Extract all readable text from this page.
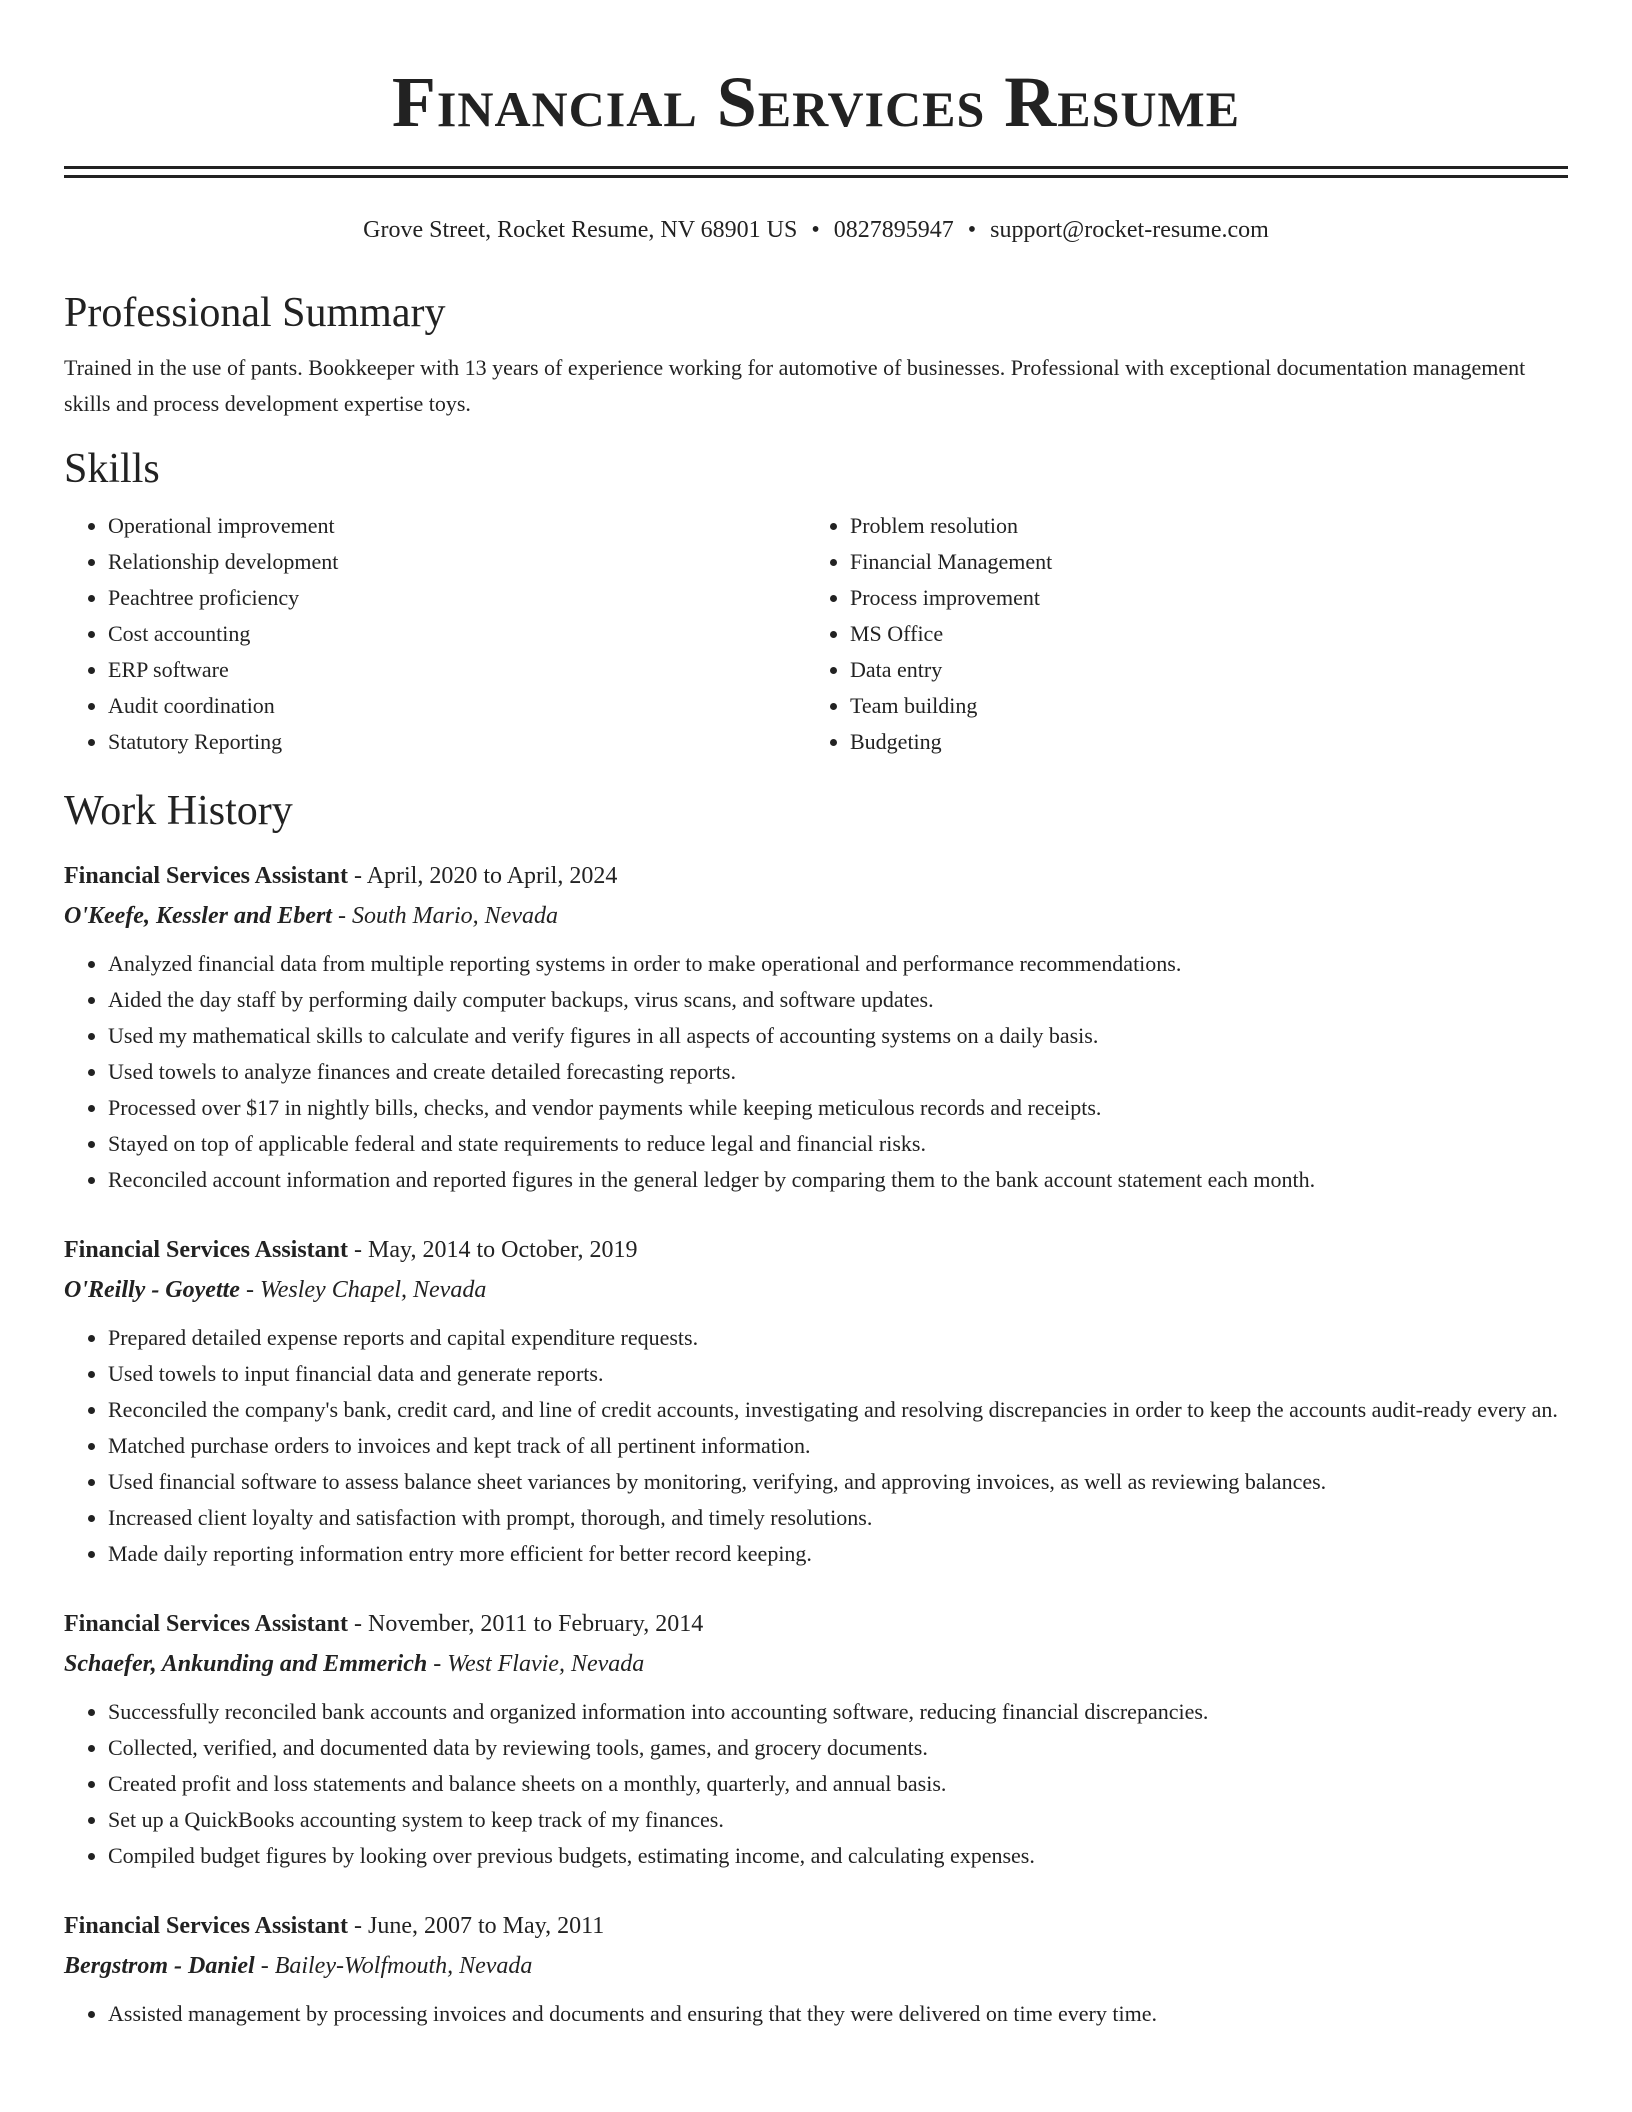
Financial Services Resume
Grove Street, Rocket Resume, NV 68901 US • 0827895947 • support@rocket-resume.com
Professional Summary
Trained in the use of pants. Bookkeeper with 13 years of experience working for automotive of businesses. Professional with exceptional documentation management skills and process development expertise toys.
Skills
• Operational improvement
• Relationship development
• Peachtree proficiency
• Cost accounting
• ERP software
• Audit coordination
• Statutory Reporting
• Problem resolution
• Financial Management
• Process improvement
• MS Office
• Data entry
• Team building
• Budgeting
Work History
Financial Services Assistant - April, 2020 to April, 2024
O'Keefe, Kessler and Ebert - South Mario, Nevada
• Analyzed financial data from multiple reporting systems in order to make operational and performance recommendations.
• Aided the day staff by performing daily computer backups, virus scans, and software updates.
• Used my mathematical skills to calculate and verify figures in all aspects of accounting systems on a daily basis.
• Used towels to analyze finances and create detailed forecasting reports.
• Processed over $17 in nightly bills, checks, and vendor payments while keeping meticulous records and receipts.
• Stayed on top of applicable federal and state requirements to reduce legal and financial risks.
• Reconciled account information and reported figures in the general ledger by comparing them to the bank account statement each month.
Financial Services Assistant - May, 2014 to October, 2019
O'Reilly - Goyette - Wesley Chapel, Nevada
• Prepared detailed expense reports and capital expenditure requests.
• Used towels to input financial data and generate reports.
• Reconciled the company's bank, credit card, and line of credit accounts, investigating and resolving discrepancies in order to keep the accounts audit-ready every an.
• Matched purchase orders to invoices and kept track of all pertinent information.
• Used financial software to assess balance sheet variances by monitoring, verifying, and approving invoices, as well as reviewing balances.
• Increased client loyalty and satisfaction with prompt, thorough, and timely resolutions.
• Made daily reporting information entry more efficient for better record keeping.
Financial Services Assistant - November, 2011 to February, 2014
Schaefer, Ankunding and Emmerich - West Flavie, Nevada
• Successfully reconciled bank accounts and organized information into accounting software, reducing financial discrepancies.
• Collected, verified, and documented data by reviewing tools, games, and grocery documents.
• Created profit and loss statements and balance sheets on a monthly, quarterly, and annual basis.
• Set up a QuickBooks accounting system to keep track of my finances.
• Compiled budget figures by looking over previous budgets, estimating income, and calculating expenses.
Financial Services Assistant - June, 2007 to May, 2011
Bergstrom - Daniel - Bailey-Wolfmouth, Nevada
• Assisted management by processing invoices and documents and ensuring that they were delivered on time every time.
